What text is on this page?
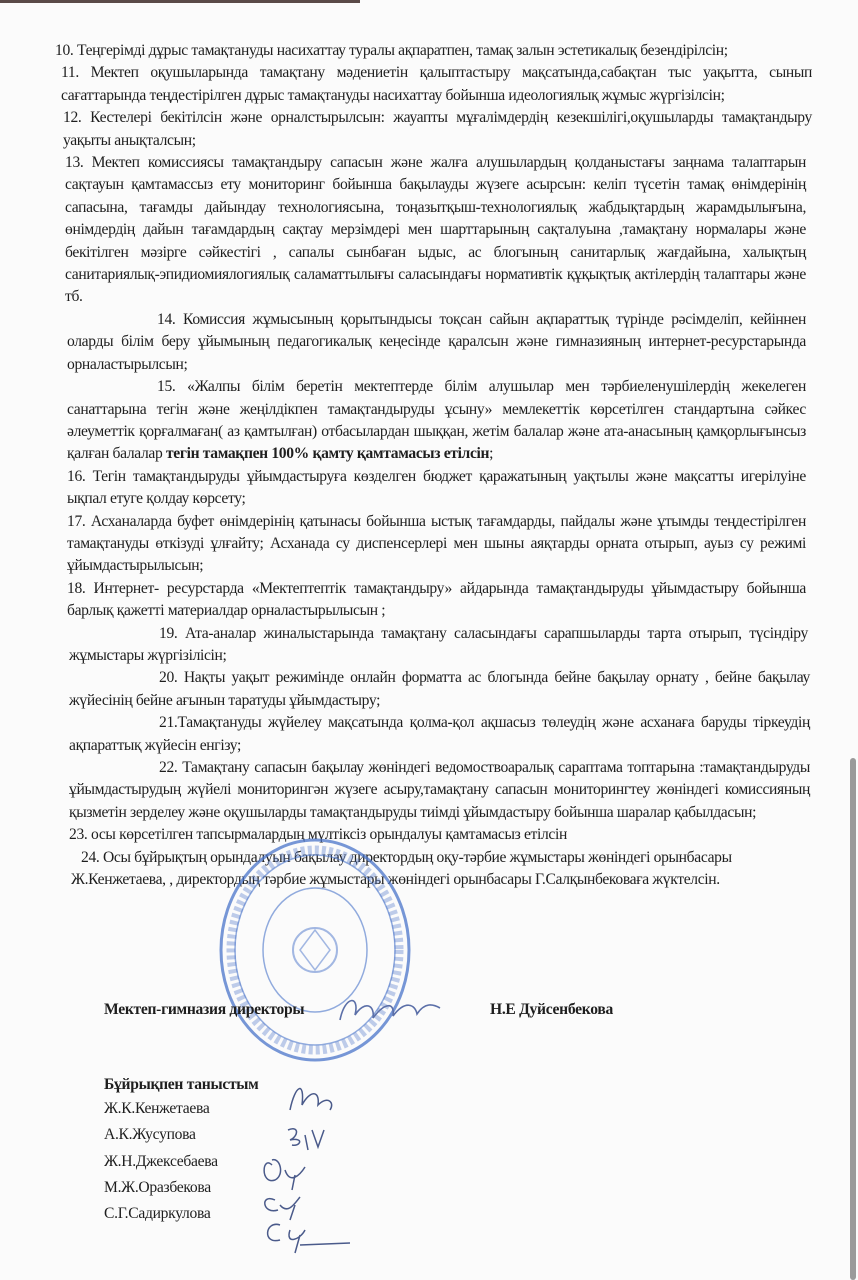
10. Теңгерімді дұрыс тамақтануды насихаттау туралы ақпаратпен, тамақ залын эстетикалық безендірілсін;

11. Мектеп оқушыларында тамақтану мәдениетін қалыптастыру мақсатында,сабақтан тыс уақытта, сынып сағаттарында теңдестірілген дұрыс тамақтануды насихаттау бойынша идеологиялық жұмыс жүргізілсін;

12. Кестелері бекітілсін және орналстырылсын: жауапты мұғалімдердің кезекшілігі,оқушыларды тамақтандыру уақыты анықталсын;

13. Мектеп комиссиясы тамақтандыру сапасын және жалға алушылардың қолданыстағы заңнама талаптарын сақтауын қамтамассыз ету мониторинг бойынша бақылауды жүзеге асырсын: келіп түсетін тамақ өнімдерінің сапасына, тағамды дайындау технологиясына, тоңазытқыш-технологиялық жабдықтардың жарамдылығына, өнімдердің дайын тағамдардың сақтау мерзімдері мен шарттарының сақталуына ,тамақтану нормалары және бекітілген мәзірге сәйкестігі , сапалы сынбаған ыдыс, ас блогының санитарлық жағдайына, халықтың санитариялық-эпидиомиялогиялық саламаттылығы саласындағы нормативтік құқықтық актілердің талаптары және тб.

14. Комиссия жұмысының қорытындысы тоқсан сайын ақпараттық түрінде рәсімделіп, кейіннен оларды білім беру ұйымының педагогикалық кеңесінде қаралсын және гимназияның интернет-ресурстарында орналастырылсын;

15. «Жалпы білім беретін мектептерде білім алушылар мен тәрбиеленушілердің жекелеген санаттарына тегін және жеңілдікпен тамақтандыруды ұсыну» мемлекеттік көрсетілген стандартына сәйкес әлеуметтік қорғалмаған( аз қамтылған) отбасылардан шыққан, жетім балалар және ата-анасының қамқорлығынсыз қалған балалар тегін тамақпен 100% қамту қамтамасыз етілсін;

16. Тегін тамақтандыруды ұйымдастыруға көзделген бюджет қаражатының уақтылы және мақсатты игерілуіне ықпал етуге қолдау көрсету;

17. Асханаларда буфет өнімдерінің қатынасы бойынша ыстық тағамдарды, пайдалы және ұтымды теңдестірілген тамақтануды өткізуді ұлғайту; Асханада су диспенсерлері мен шыны аяқтарды орната отырып, ауыз су режимі ұйымдастырылысын;

18. Интернет- ресурстарда «Мектептептік тамақтандыру» айдарында тамақтандыруды ұйымдастыру бойынша барлық қажетті материалдар орналастырылысын ;

19. Ата-аналар жиналыстарында тамақтану саласындағы сарапшыларды тарта отырып, түсіндіру жұмыстары жүргізілісін;

20. Нақты уақыт режимінде онлайн форматта ас блогында бейне бақылау орнату , бейне бақылау жүйесінің бейне ағынын таратуды ұйымдастыру;

21.Тамақтануды жүйелеу мақсатында қолма-қол ақшасыз төлеудің және асханаға баруды тіркеудің ақпараттық жүйесін енгізу;

22. Тамақтану сапасын бақылау жөніндегі ведомоствоаралық сараптама топтарына :тамақтандыруды ұйымдастырудың жүйелі мониторингән жүзеге асыру,тамақтану сапасын мониторингтеу жөніндегі комиссияның қызметін зерделеу және оқушыларды тамақтандыруды тиімді ұйымдастыру бойынша шаралар қабылдасын;

23. осы көрсетілген тапсырмалардың мүлтіксіз орындалуы қамтамасыз етілсін

24. Осы бұйрықтың орындалуын бақылау директордың оқу-тәрбие жұмыстары жөніндегі орынбасары Ж.Кенжетаева, , директордың тәрбие жұмыстары жөніндегі орынбасары Г.Салқынбековаға жүктелсін.

Мектеп-гимназия директоры	Н.Е Дуйсенбекова
Бұйрықпен таныстым
Ж.К.Кенжетаева
А.К.Жусупова
Ж.Н.Джексебаева
М.Ж.Оразбекова
С.Г.Садиркулова
